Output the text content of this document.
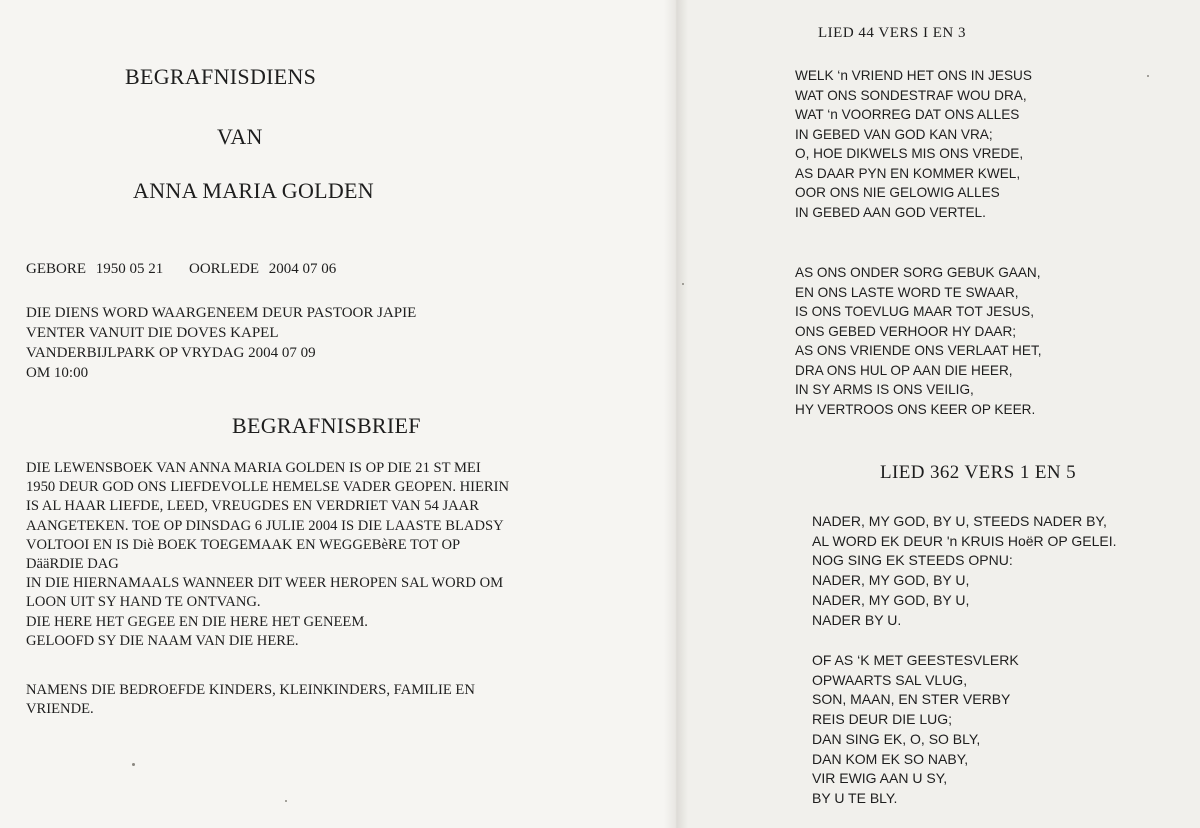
BEGRAFNISDIENS
VAN
ANNA MARIA GOLDEN
GEBORE 1950 05 21 OORLEDE 2004 07 06
DIE DIENS WORD WAARGENEEM DEUR PASTOOR JAPIE
VENTER VANUIT DIE DOVES KAPEL
VANDERBIJLPARK OP VRYDAG 2004 07 09
OM 10:00
BEGRAFNISBRIEF
DIE LEWENSBOEK VAN ANNA MARIA GOLDEN IS OP DIE 21 ST MEI
1950 DEUR GOD ONS LIEFDEVOLLE HEMELSE VADER GEOPEN. HIERIN
IS AL HAAR LIEFDE, LEED, VREUGDES EN VERDRIET VAN 54 JAAR
AANGETEKEN. TOE OP DINSDAG 6 JULIE 2004 IS DIE LAASTE BLADSY
VOLTOOI EN IS Diè BOEK TOEGEMAAK EN WEGGEBèRE TOT OP
DääRDIE DAG
IN DIE HIERNAMAALS WANNEER DIT WEER HEROPEN SAL WORD OM
LOON UIT SY HAND TE ONTVANG.
DIE HERE HET GEGEE EN DIE HERE HET GENEEM.
GELOOFD SY DIE NAAM VAN DIE HERE.
NAMENS DIE BEDROEFDE KINDERS, KLEINKINDERS, FAMILIE EN
VRIENDE.
LIED 44 VERS I EN 3
WELK ‘n VRIEND HET ONS IN JESUS
WAT ONS SONDESTRAF WOU DRA,
WAT ‘n VOORREG DAT ONS ALLES
IN GEBED VAN GOD KAN VRA;
O, HOE DIKWELS MIS ONS VREDE,
AS DAAR PYN EN KOMMER KWEL,
OOR ONS NIE GELOWIG ALLES
IN GEBED AAN GOD VERTEL.
AS ONS ONDER SORG GEBUK GAAN,
EN ONS LASTE WORD TE SWAAR,
IS ONS TOEVLUG MAAR TOT JESUS,
ONS GEBED VERHOOR HY DAAR;
AS ONS VRIENDE ONS VERLAAT HET,
DRA ONS HUL OP AAN DIE HEER,
IN SY ARMS IS ONS VEILIG,
HY VERTROOS ONS KEER OP KEER.
LIED 362 VERS 1 EN 5
NADER, MY GOD, BY U, STEEDS NADER BY,
AL WORD EK DEUR 'n KRUIS HoëR OP GELEI.
NOG SING EK STEEDS OPNU:
NADER, MY GOD, BY U,
NADER, MY GOD, BY U,
NADER BY U.
OF AS ‘K MET GEESTESVLERK
OPWAARTS SAL VLUG,
SON, MAAN, EN STER VERBY
REIS DEUR DIE LUG;
DAN SING EK, O, SO BLY,
DAN KOM EK SO NABY,
VIR EWIG AAN U SY,
BY U TE BLY.
